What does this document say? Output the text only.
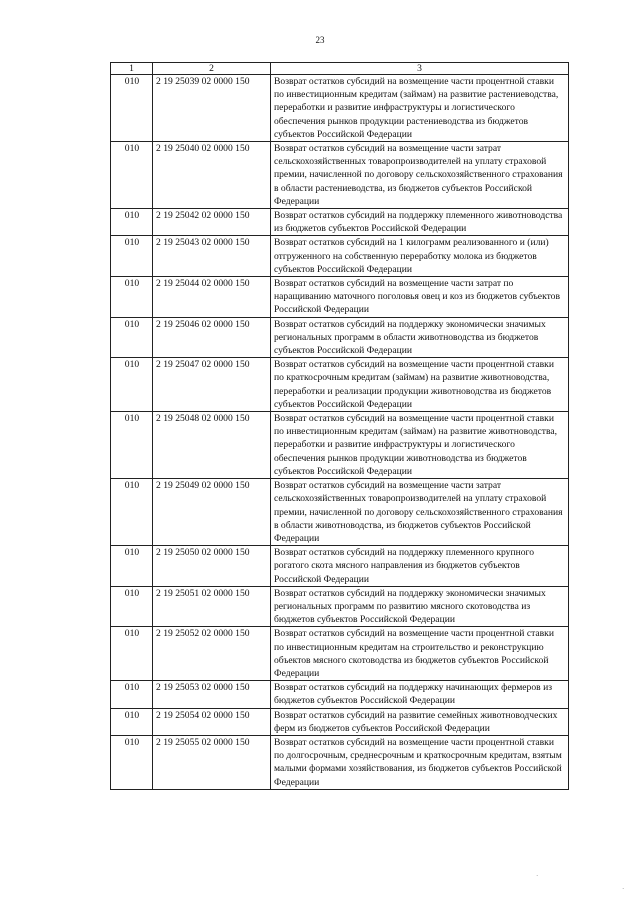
23
1	2	3
010	2 19 25039 02 0000 150	Возврат остатков субсидий на возмещение части процентной ставки по инвестиционным кредитам (займам) на развитие растениеводства, переработки и развитие инфраструктуры и логистического обеспечения рынков продукции растениеводства из бюджетов субъектов Российской Федерации
010	2 19 25040 02 0000 150	Возврат остатков субсидий на возмещение части затрат сельскохозяйственных товаропроизводителей на уплату страховой премии, начисленной по договору сельскохозяйственного страхования в области растениеводства, из бюджетов субъектов Российской Федерации
010	2 19 25042 02 0000 150	Возврат остатков субсидий на поддержку племенного животноводства из бюджетов субъектов Российской Федерации
010	2 19 25043 02 0000 150	Возврат остатков субсидий на 1 килограмм реализованного и (или) отгруженного на собственную переработку молока из бюджетов субъектов Российской Федерации
010	2 19 25044 02 0000 150	Возврат остатков субсидий на возмещение части затрат по наращиванию маточного поголовья овец и коз из бюджетов субъектов Российской Федерации
010	2 19 25046 02 0000 150	Возврат остатков субсидий на поддержку экономически значимых региональных программ в области животноводства из бюджетов субъектов Российской Федерации
010	2 19 25047 02 0000 150	Возврат остатков субсидий на возмещение части процентной ставки по краткосрочным кредитам (займам) на развитие животноводства, переработки и реализации продукции животноводства из бюджетов субъектов Российской Федерации
010	2 19 25048 02 0000 150	Возврат остатков субсидий на возмещение части процентной ставки по инвестиционным кредитам (займам) на развитие животноводства, переработки и развитие инфраструктуры и логистического обеспечения рынков продукции животноводства из бюджетов субъектов Российской Федерации
010	2 19 25049 02 0000 150	Возврат остатков субсидий на возмещение части затрат сельскохозяйственных товаропроизводителей на уплату страховой премии, начисленной по договору сельскохозяйственного страхования в области животноводства, из бюджетов субъектов Российской Федерации
010	2 19 25050 02 0000 150	Возврат остатков субсидий на поддержку племенного крупного рогатого скота мясного направления из бюджетов субъектов Российской Федерации
010	2 19 25051 02 0000 150	Возврат остатков субсидий на поддержку экономически значимых региональных программ по развитию мясного скотоводства из бюджетов субъектов Российской Федерации
010	2 19 25052 02 0000 150	Возврат остатков субсидий на возмещение части процентной ставки по инвестиционным кредитам на строительство и реконструкцию объектов мясного скотоводства из бюджетов субъектов Российской Федерации
010	2 19 25053 02 0000 150	Возврат остатков субсидий на поддержку начинающих фермеров из бюджетов субъектов Российской Федерации
010	2 19 25054 02 0000 150	Возврат остатков субсидий на развитие семейных животноводческих ферм из бюджетов субъектов Российской Федерации
010	2 19 25055 02 0000 150	Возврат остатков субсидий на возмещение части процентной ставки по долгосрочным, среднесрочным и краткосрочным кредитам, взятым малыми формами хозяйствования, из бюджетов субъектов Российской Федерации
·
·
